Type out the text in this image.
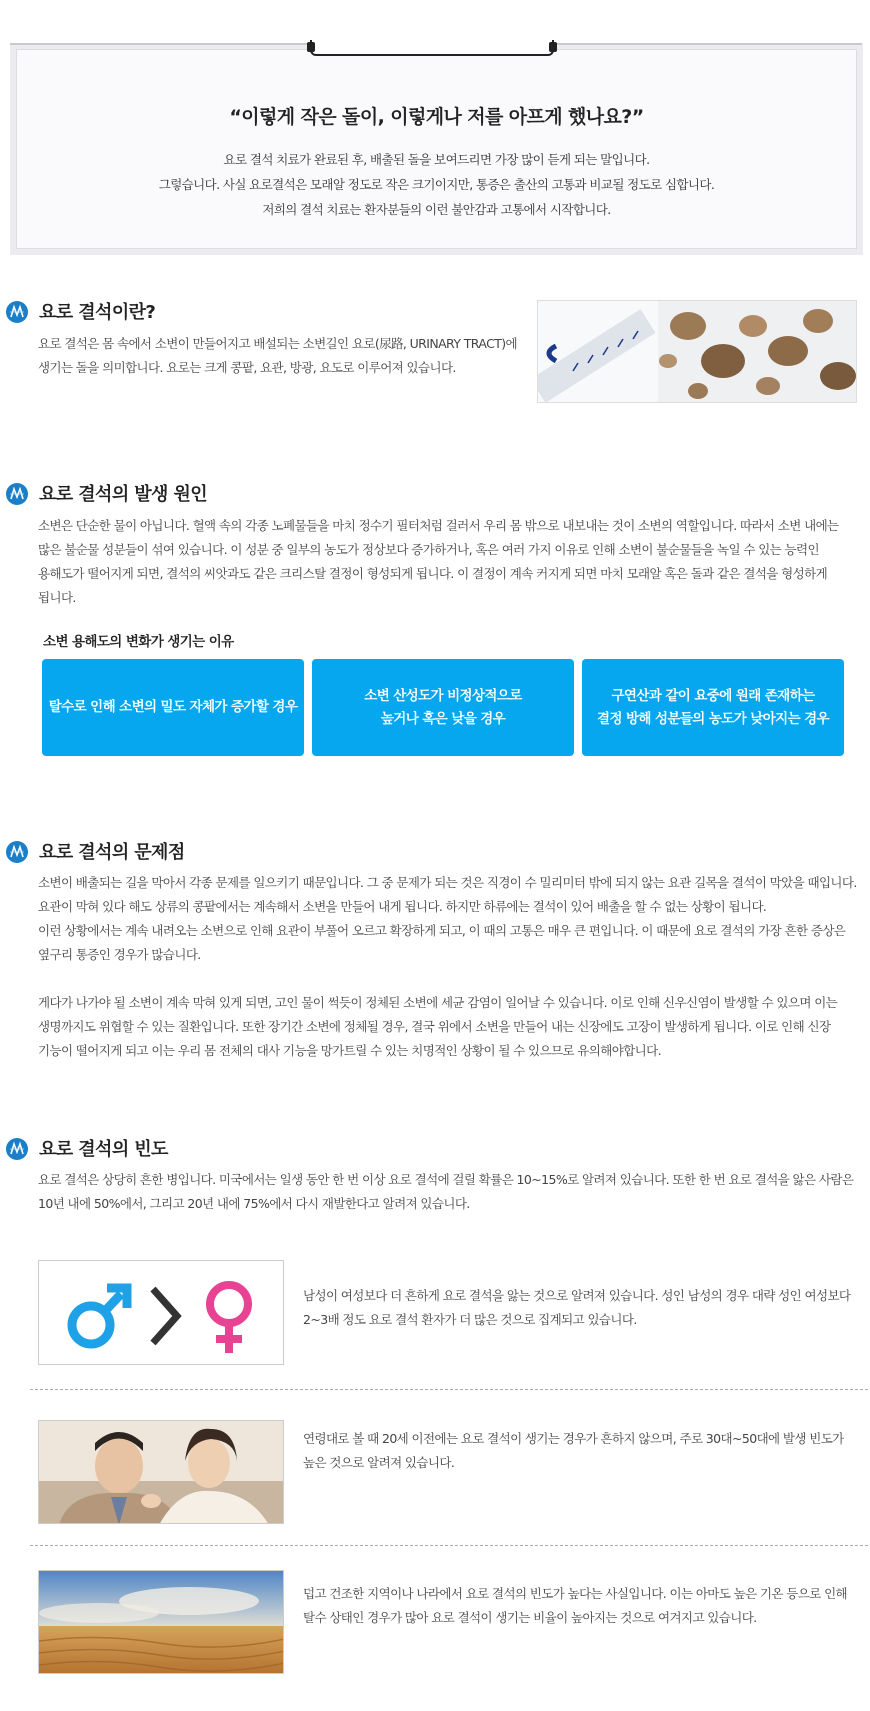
“이렇게 작은 돌이, 이렇게나 저를 아프게 했나요?”
요로 결석 치료가 완료된 후, 배출된 돌을 보여드리면 가장 많이 듣게 되는 말입니다.
그렇습니다. 사실 요로결석은 모래알 정도로 작은 크기이지만, 통증은 출산의 고통과 비교될 정도로 심합니다.
저희의 결석 치료는 환자분들의 이런 불안감과 고통에서 시작합니다.
요로 결석이란?

요로 결석은 몸 속에서 소변이 만들어지고 배설되는 소변길인 요로(尿路, URINARY TRACT)에

생기는 돌을 의미합니다. 요로는 크게 콩팥, 요관, 방광, 요도로 이루어져 있습니다.

요로 결석의 발생 원인

소변은 단순한 물이 아닙니다. 혈액 속의 각종 노폐물들을 마치 정수기 필터처럼 걸러서 우리 몸 밖으로 내보내는 것이 소변의 역할입니다. 따라서 소변 내에는

많은 불순물 성분들이 섞여 있습니다. 이 성분 중 일부의 농도가 정상보다 증가하거나, 혹은 여러 가지 이유로 인해 소변이 불순물들을 녹일 수 있는 능력인

용해도가 떨어지게 되면, 결석의 씨앗과도 같은 크리스탈 결정이 형성되게 됩니다. 이 결정이 계속 커지게 되면 마치 모래알 혹은 돌과 같은 결석을 형성하게

됩니다.

소변 용해도의 변화가 생기는 이유
탈수로 인해 소변의 밀도 자체가 증가할 경우
소변 산성도가 비정상적으로
높거나 혹은 낮을 경우
구연산과 같이 요중에 원래 존재하는
결정 방해 성분들의 농도가 낮아지는 경우
요로 결석의 문제점

소변이 배출되는 길을 막아서 각종 문제를 일으키기 때문입니다. 그 중 문제가 되는 것은 직경이 수 밀리미터 밖에 되지 않는 요관 길목을 결석이 막았을 때입니다.

요관이 막혀 있다 해도 상류의 콩팥에서는 계속해서 소변을 만들어 내게 됩니다. 하지만 하류에는 결석이 있어 배출을 할 수 없는 상황이 됩니다.

이런 상황에서는 계속 내려오는 소변으로 인해 요관이 부풀어 오르고 확장하게 되고, 이 때의 고통은 매우 큰 편입니다. 이 때문에 요로 결석의 가장 흔한 증상은

옆구리 통증인 경우가 많습니다.

게다가 나가야 될 소변이 계속 막혀 있게 되면, 고인 물이 썩듯이 정체된 소변에 세균 감염이 일어날 수 있습니다. 이로 인해 신우신염이 발생할 수 있으며 이는

생명까지도 위협할 수 있는 질환입니다. 또한 장기간 소변에 정체될 경우, 결국 위에서 소변을 만들어 내는 신장에도 고장이 발생하게 됩니다. 이로 인해 신장

기능이 떨어지게 되고 이는 우리 몸 전체의 대사 기능을 망가트릴 수 있는 치명적인 상황이 될 수 있으므로 유의해야합니다.

요로 결석의 빈도

요로 결석은 상당히 흔한 병입니다. 미국에서는 일생 동안 한 번 이상 요로 결석에 걸릴 확률은 10~15%로 알려져 있습니다. 또한 한 번 요로 결석을 앓은 사람은

10년 내에 50%에서, 그리고 20년 내에 75%에서 다시 재발한다고 알려져 있습니다.

남성이 여성보다 더 흔하게 요로 결석을 앓는 것으로 알려져 있습니다. 성인 남성의 경우 대략 성인 여성보다

2~3배 정도 요로 결석 환자가 더 많은 것으로 집계되고 있습니다.

연령대로 볼 때 20세 이전에는 요로 결석이 생기는 경우가 흔하지 않으며, 주로 30대~50대에 발생 빈도가

높은 것으로 알려져 있습니다.

덥고 건조한 지역이나 나라에서 요로 결석의 빈도가 높다는 사실입니다. 이는 아마도 높은 기온 등으로 인해

탈수 상태인 경우가 많아 요로 결석이 생기는 비율이 높아지는 것으로 여겨지고 있습니다.
